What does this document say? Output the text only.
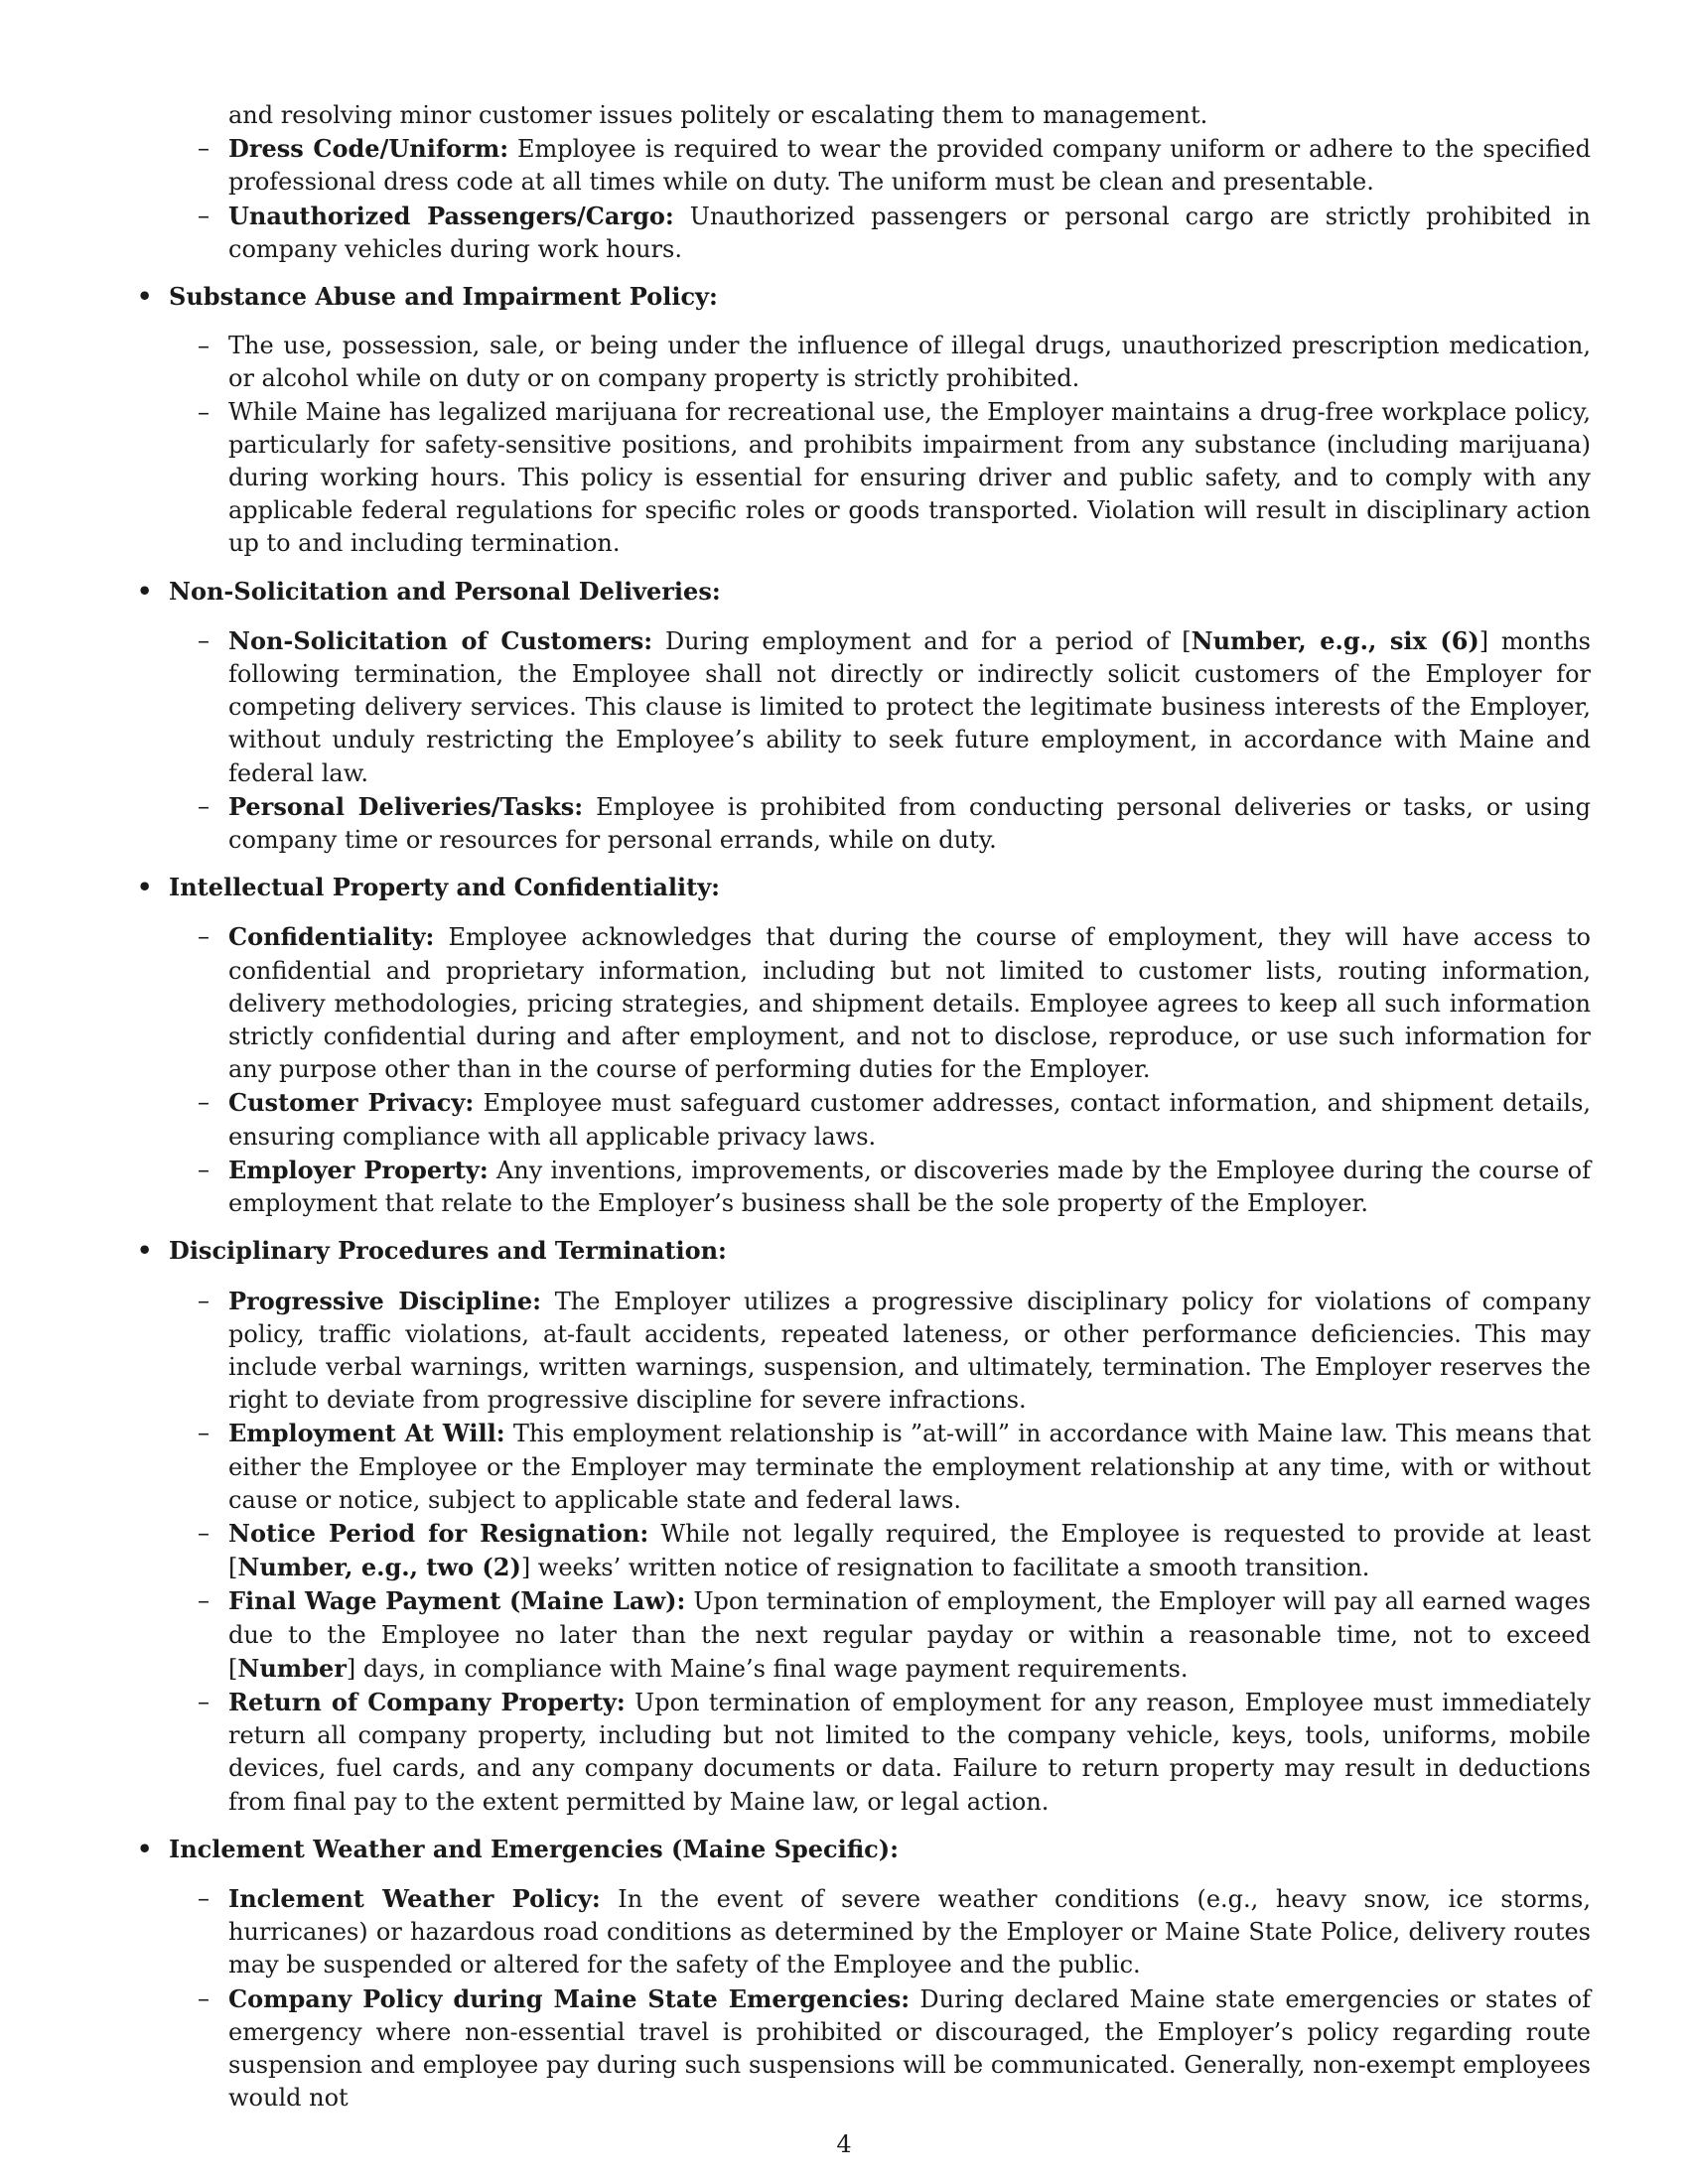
and resolving minor customer issues politely or escalating them to management.

– Dress Code/Uniform: Employee is required to wear the provided company uniform or adhere to the specified professional dress code at all times while on duty. The uniform must be clean and presentable.
– Unauthorized Passengers/Cargo: Unauthorized passengers or personal cargo are strictly prohibited in company vehicles during work hours.
• Substance Abuse and Impairment Policy:
– The use, possession, sale, or being under the influence of illegal drugs, unauthorized prescription medication, or alcohol while on duty or on company property is strictly prohibited.
– While Maine has legalized marijuana for recreational use, the Employer maintains a drug-free workplace policy, particularly for safety-sensitive positions, and prohibits impairment from any substance (including marijuana) during working hours. This policy is essential for ensuring driver and public safety, and to comply with any applicable federal regulations for specific roles or goods transported. Violation will result in disciplinary action up to and including termination.
• Non-Solicitation and Personal Deliveries:
– Non-Solicitation of Customers: During employment and for a period of [Number, e.g., six (6)] months following termination, the Employee shall not directly or indirectly solicit customers of the Employer for competing delivery services. This clause is limited to protect the legitimate business interests of the Employer, without unduly restricting the Employee’s ability to seek future employment, in accordance with Maine and federal law.
– Personal Deliveries/Tasks: Employee is prohibited from conducting personal deliveries or tasks, or using company time or resources for personal errands, while on duty.
• Intellectual Property and Confidentiality:
– Confidentiality: Employee acknowledges that during the course of employment, they will have access to confidential and proprietary information, including but not limited to customer lists, routing information, delivery methodologies, pricing strategies, and shipment details. Employee agrees to keep all such information strictly confidential during and after employment, and not to disclose, reproduce, or use such information for any purpose other than in the course of performing duties for the Employer.
– Customer Privacy: Employee must safeguard customer addresses, contact information, and shipment details, ensuring compliance with all applicable privacy laws.
– Employer Property: Any inventions, improvements, or discoveries made by the Employee during the course of employment that relate to the Employer’s business shall be the sole property of the Employer.
• Disciplinary Procedures and Termination:
– Progressive Discipline: The Employer utilizes a progressive disciplinary policy for violations of company policy, traffic violations, at-fault accidents, repeated lateness, or other performance deficiencies. This may include verbal warnings, written warnings, suspension, and ultimately, termination. The Employer reserves the right to deviate from progressive discipline for severe infractions.
– Employment At Will: This employment relationship is ”at-will” in accordance with Maine law. This means that either the Employee or the Employer may terminate the employment relationship at any time, with or without cause or notice, subject to applicable state and federal laws.
– Notice Period for Resignation: While not legally required, the Employee is requested to provide at least [Number, e.g., two (2)] weeks’ written notice of resignation to facilitate a smooth transition.
– Final Wage Payment (Maine Law): Upon termination of employment, the Employer will pay all earned wages due to the Employee no later than the next regular payday or within a reasonable time, not to exceed [Number] days, in compliance with Maine’s final wage payment requirements.
– Return of Company Property: Upon termination of employment for any reason, Employee must immediately return all company property, including but not limited to the company vehicle, keys, tools, uniforms, mobile devices, fuel cards, and any company documents or data. Failure to return property may result in deductions from final pay to the extent permitted by Maine law, or legal action.
• Inclement Weather and Emergencies (Maine Specific):
– Inclement Weather Policy: In the event of severe weather conditions (e.g., heavy snow, ice storms, hurricanes) or hazardous road conditions as determined by the Employer or Maine State Police, delivery routes may be suspended or altered for the safety of the Employee and the public.
– Company Policy during Maine State Emergencies: During declared Maine state emergencies or states of emergency where non-essential travel is prohibited or discouraged, the Employer’s policy regarding route suspension and employee pay during such suspensions will be communicated. Generally, non-exempt employees would not
4
